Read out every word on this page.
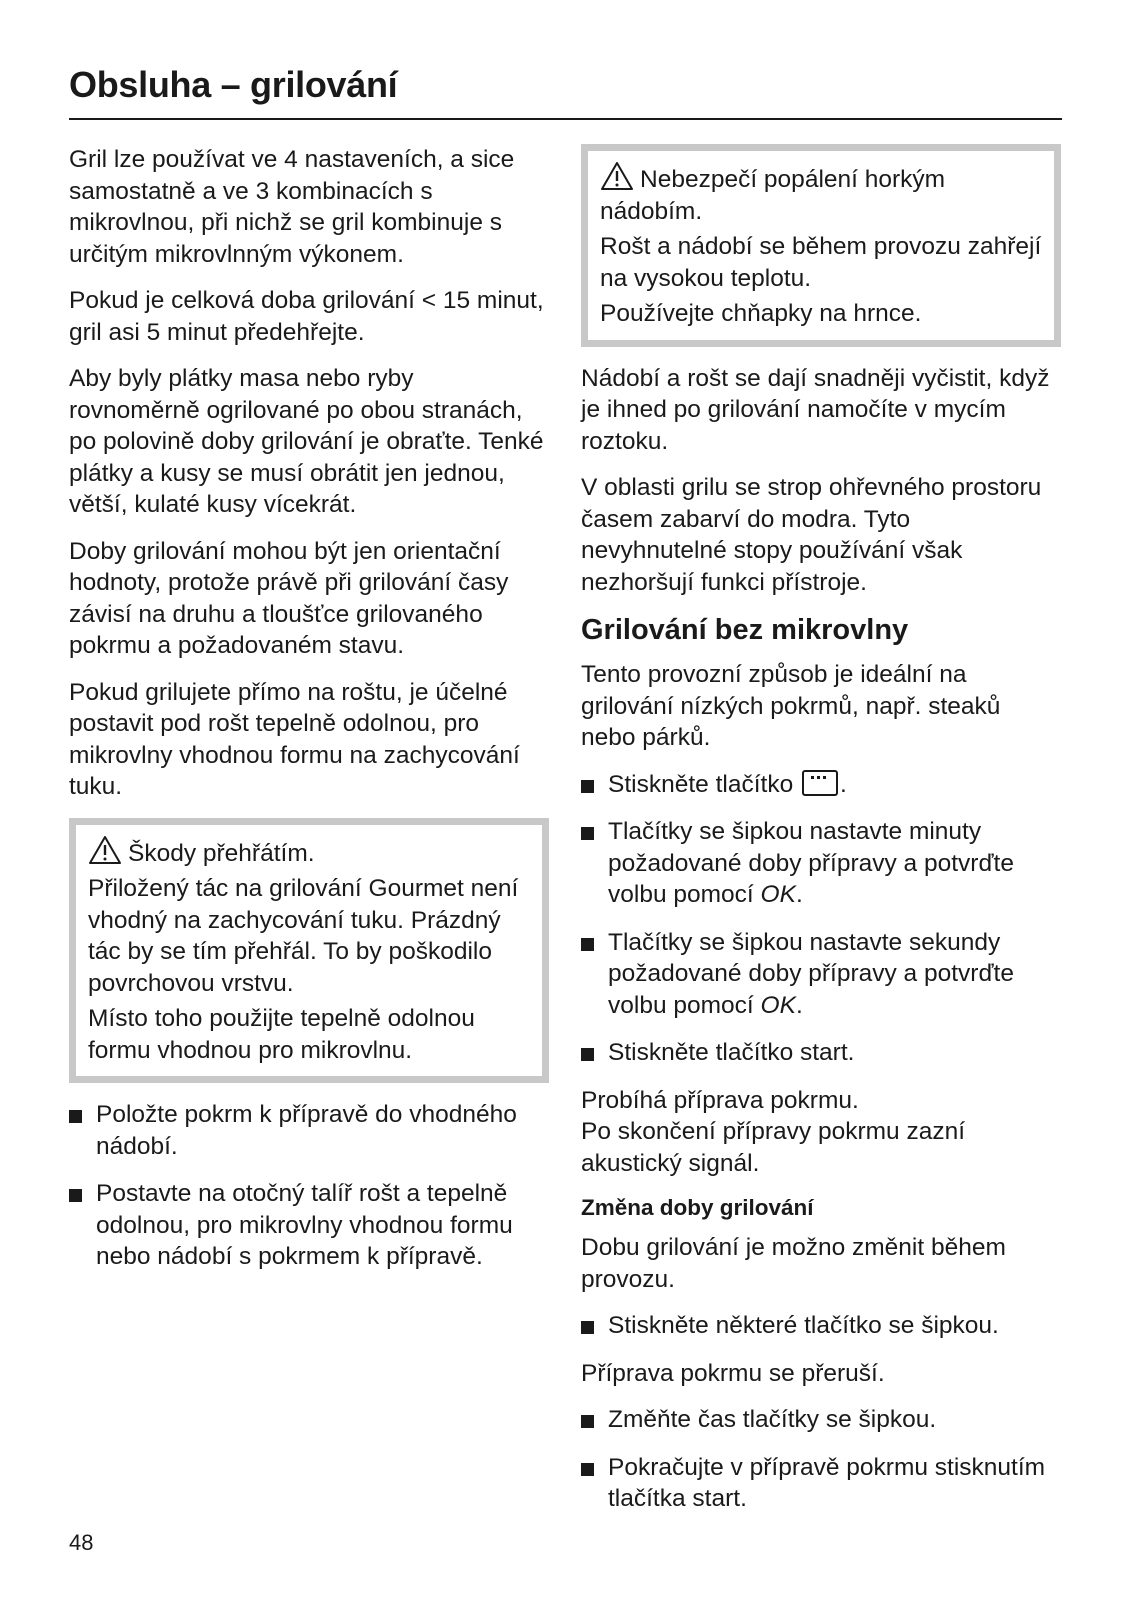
Obsluha – grilování

Gril lze používat ve 4 nastaveních, a sice samostatně a ve 3 kombinacích s mikrovlnou, při nichž se gril kombinuje s určitým mikrovlnným výkonem.

Pokud je celková doba grilování < 15 minut, gril asi 5 minut předehřejte.

Aby byly plátky masa nebo ryby rovnoměrně ogrilované po obou stranách, po polovině doby grilování je obraťte. Tenké plátky a kusy se musí obrátit jen jednou, větší, kulaté kusy vícekrát.

Doby grilování mohou být jen orientační hodnoty, protože právě při grilování časy závisí na druhu a tloušťce grilovaného pokrmu a požadovaném stavu.

Pokud grilujete přímo na roštu, je účelné postavit pod rošt tepelně odolnou, pro mikrovlny vhodnou formu na zachycování tuku.

Škody přehřátím.
Přiložený tác na grilování Gourmet není vhodný na zachycování tuku. Prázdný tác by se tím přehřál. To by poškodilo povrchovou vrstvu.
Místo toho použijte tepelně odolnou formu vhodnou pro mikrovlnu.
Položte pokrm k přípravě do vhodného nádobí.
Postavte na otočný talíř rošt a tepelně odolnou, pro mikrovlny vhodnou formu nebo nádobí s pokrmem k přípravě.
Nebezpečí popálení horkým nádobím.
Rošt a nádobí se během provozu zahřejí na vysokou teplotu.
Používejte chňapky na hrnce.

Nádobí a rošt se dají snadněji vyčistit, když je ihned po grilování namočíte v mycím roztoku.

V oblasti grilu se strop ohřevného prostoru časem zabarví do modra. Tyto nevyhnutelné stopy používání však nezhoršují funkci přístroje.

Grilování bez mikrovlny

Tento provozní způsob je ideální na grilování nízkých pokrmů, např. steaků nebo párků.

Stiskněte tlačítko .
Tlačítky se šipkou nastavte minuty požadované doby přípravy a potvrďte volbu pomocí OK.
Tlačítky se šipkou nastavte sekundy požadované doby přípravy a potvrďte volbu pomocí OK.
Stiskněte tlačítko start.

Probíhá příprava pokrmu.

Po skončení přípravy pokrmu zazní akustický signál.

Změna doby grilování

Dobu grilování je možno změnit během provozu.

Stiskněte některé tlačítko se šipkou.

Příprava pokrmu se přeruší.

Změňte čas tlačítky se šipkou.
Pokračujte v přípravě pokrmu stisknutím tlačítka start.
48
